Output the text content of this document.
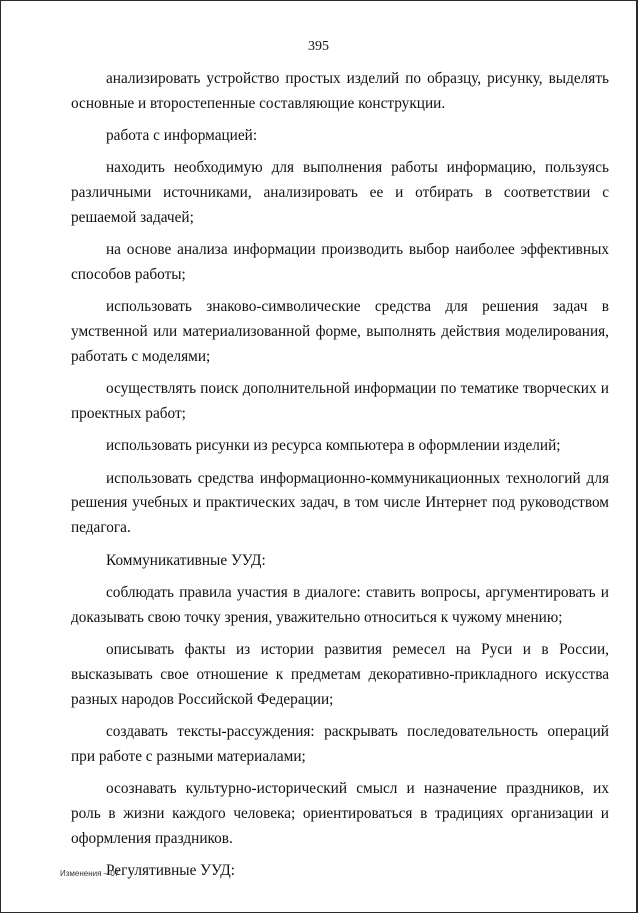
395

анализировать устройство простых изделий по образцу, рисунку, выделять основные и второстепенные составляющие конструкции.

работа с информацией:

находить необходимую для выполнения работы информацию, пользуясь различными источниками, анализировать ее и отбирать в соответствии с решаемой задачей;

на основе анализа информации производить выбор наиболее эффективных способов работы;

использовать знаково-символические средства для решения задач в умственной или материализованной форме, выполнять действия моделирования, работать с моделями;

осуществлять поиск дополнительной информации по тематике творческих и проектных работ;

использовать рисунки из ресурса компьютера в оформлении изделий;

использовать средства информационно-коммуникационных технологий для решения учебных и практических задач, в том числе Интернет под руководством педагога.

Коммуникативные УУД:

соблюдать правила участия в диалоге: ставить вопросы, аргументировать и доказывать свою точку зрения, уважительно относиться к чужому мнению;

описывать факты из истории развития ремесел на Руси и в России, высказывать свое отношение к предметам декоративно-прикладного искусства разных народов Российской Федерации;

создавать тексты-рассуждения: раскрывать последовательность операций при работе с разными материалами;

осознавать культурно-исторический смысл и назначение праздников, их роль в жизни каждого человека; ориентироваться в традициях организации и оформления праздников.

Регулятивные УУД:

Изменения – 07
